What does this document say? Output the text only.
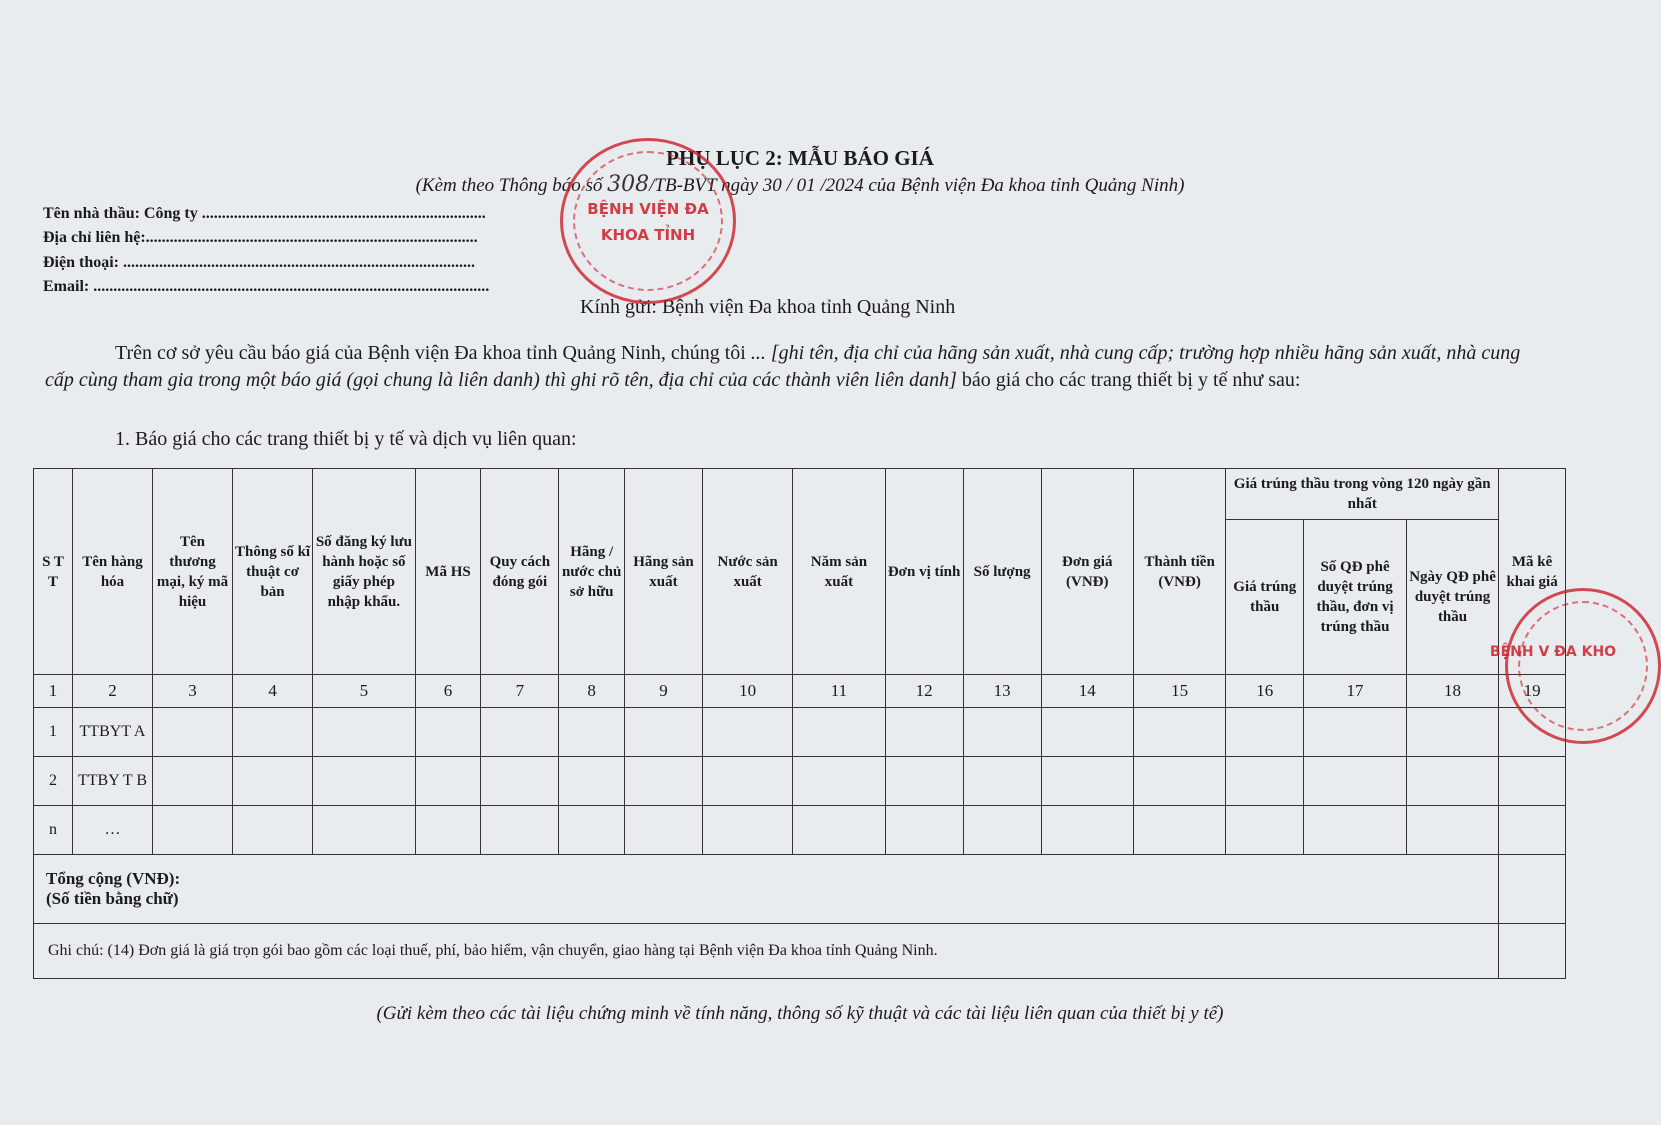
PHỤ LỤC 2: MẪU BÁO GIÁ
(Kèm theo Thông báo số 308/TB-BVT ngày 30 / 01 /2024 của Bệnh viện Đa khoa tỉnh Quảng Ninh)
Tên nhà thầu: Công ty .......................................................................
Địa chỉ liên hệ:...................................................................................
Điện thoại: ........................................................................................
Email: ...................................................................................................
Kính gửi: Bệnh viện Đa khoa tỉnh Quảng Ninh
Trên cơ sở yêu cầu báo giá của Bệnh viện Đa khoa tỉnh Quảng Ninh, chúng tôi ... [ghi tên, địa chỉ của hãng sản xuất, nhà cung cấp; trường hợp nhiều hãng sản xuất, nhà cung cấp cùng tham gia trong một báo giá (gọi chung là liên danh) thì ghi rõ tên, địa chỉ của các thành viên liên danh] báo giá cho các trang thiết bị y tế như sau:
1. Báo giá cho các trang thiết bị y tế và dịch vụ liên quan:
S T T	Tên hàng hóa	Tên thương mại, ký mã hiệu	Thông số kĩ thuật cơ bản	Số đăng ký lưu hành hoặc số giấy phép nhập khẩu.	Mã HS	Quy cách đóng gói	Hãng / nước chủ sở hữu	Hãng sản xuất	Nước sản xuất	Năm sản xuất	Đơn vị tính	Số lượng	Đơn giá (VNĐ)	Thành tiền (VNĐ)	Giá trúng thầu trong vòng 120 ngày gần nhất			Mã kê khai giá
															Giá trúng thầu	Số QĐ phê duyệt trúng thầu, đơn vị trúng thầu	Ngày QĐ phê duyệt trúng thầu	
1	2	3	4	5	6	7	8	9	10	11	12	13	14	15	16	17	18	19
1	TTBYT A																	
2	TTBY T B																	
n	…																	

Tổng cộng (VNĐ):
(Số tiền bằng chữ)																		

Ghi chú: (14) Đơn giá là giá trọn gói bao gồm các loại thuế, phí, bảo hiểm, vận chuyển, giao hàng tại Bệnh viện Đa khoa tỉnh Quảng Ninh.																		
(Gửi kèm theo các tài liệu chứng minh về tính năng, thông số kỹ thuật và các tài liệu liên quan của thiết bị y tế)
BỆNH VIỆN ĐA KHOA TỈNH
BỆNH V ĐA KHO
